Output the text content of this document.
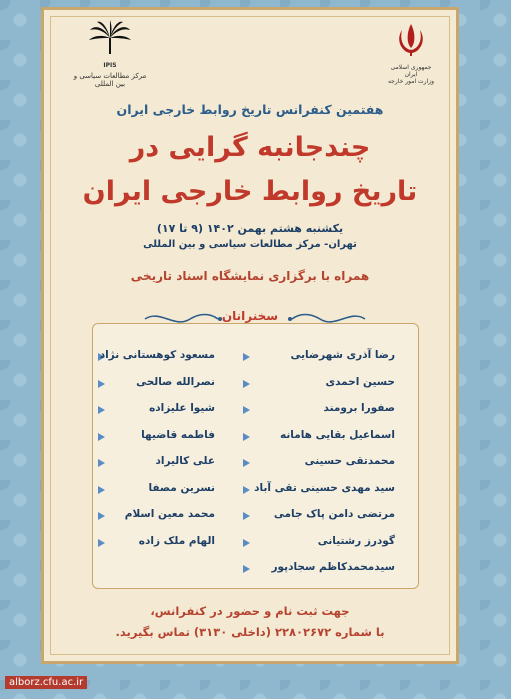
جمهوری اسلامی ایران
وزارت امور خارجه
IPIS
مرکز مطالعات سیاسی و بین المللی
هفتمین کنفرانس تاریخ روابط خارجی ایران
چندجانبه گرایی در
تاریخ روابط خارجی ایران
یکشنبه هشتم بهمن ۱۴۰۲ (۹ تا ۱۷)
تهران- مرکز مطالعات سیاسی و بین المللی
همراه با برگزاری نمایشگاه اسناد تاریخی
سخنرانان
رضا آذری شهرضایی
حسین احمدی
صفورا برومند
اسماعیل بقایی هامانه
محمدتقی حسینی
سید مهدی حسینی تقی آباد
مرتضی دامن پاک جامی
گودرز رشتیانی
سیدمحمدکاظم سجادپور
مسعود کوهستانی نژاد
نصرالله صالحی
شیوا علیزاده
فاطمه قاضیها
علی کالیراد
نسرین مصفا
محمد معین اسلام
الهام ملک زاده
جهت ثبت نام و حضور در کنفرانس،
با شماره ۲۲۸۰۲۶۷۲ (داخلی ۳۱۳۰) تماس بگیرید.
alborz.cfu.ac.ir
